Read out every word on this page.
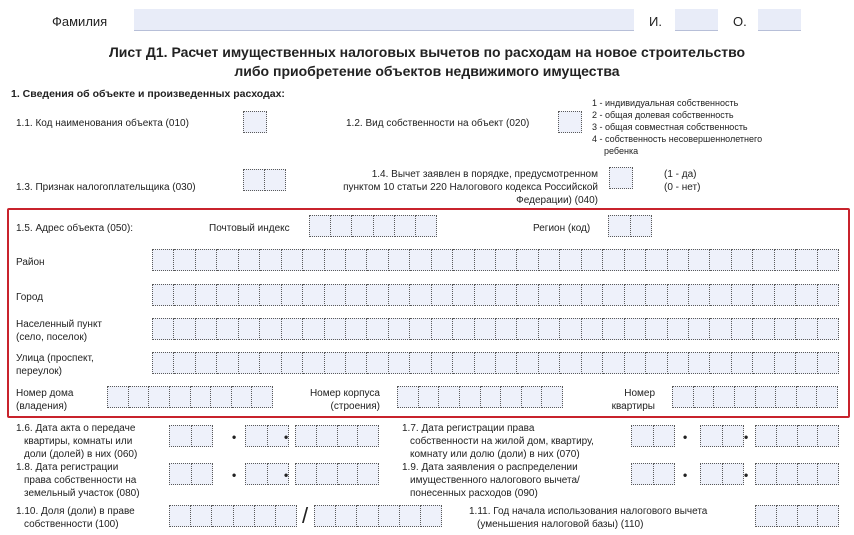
Фамилия	И.	О.
Лист Д1. Расчет имущественных налоговых вычетов по расходам на новое строительство
либо приобретение объектов недвижимого имущества
1. Сведения об объекте и произведенных расходах:
1.1. Код наименования объекта (010)	1.2. Вид собственности на объект (020)
1 - индивидуальная собственность
2 - общая долевая собственность
3 - общая совместная собственность
4 - собственность несовершеннолетнего
ребенка
1.3. Признак налогоплательщика (030)
1.4. Вычет заявлен в порядке, предусмотренном
пунктом 10 статьи 220 Налогового кодекса Российской
Федерации) (040)
(1 - да)
(0 - нет)
1.5. Адрес объекта (050):	Почтовый индекс	Регион (код)
Район
Город
Населенный пункт
(село, поселок)
Улица (проспект,
переулок)
Номер дома
(владения)
Номер корпуса
(строения)
Номер
квартиры
1.6. Дата акта о передаче
квартиры, комнаты или
доли (долей) в них (060)
•	•
1.7. Дата регистрации права
собственности на жилой дом, квартиру,
комнату или долю (доли) в них (070)
•	•
1.8. Дата регистрации
права собственности на
земельный участок (080)
•	•
1.9. Дата заявления о распределении
имущественного налогового вычета/
понесенных расходов (090)
•	•
1.10. Доля (доли) в праве
собственности (100)	/	1.11. Год начала использования налогового вычета
(уменьшения налоговой базы) (110)
